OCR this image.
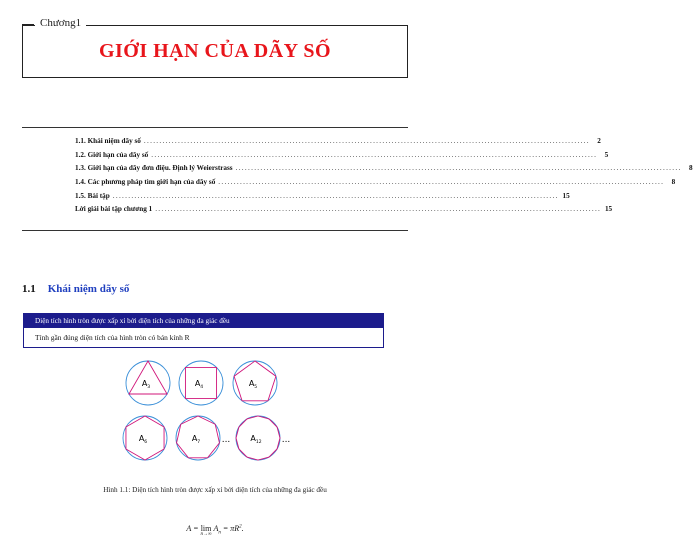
Chương1
GIỚI HẠN CỦA DÃY SỐ
1.1. Khái niệm dãy số ................................................................................................................................................	2
1.2. Giới hạn của dãy số ................................................................................................................................................	5
1.3. Giới hạn của dãy đơn điệu. Định lý Weierstrass ................................................................................................................................................	8
1.4. Các phương pháp tìm giới hạn của dãy số ................................................................................................................................................	8
1.5. Bài tập ................................................................................................................................................ 15
Lời giải bài tập chương 1 ................................................................................................................................................ 15
1.1 Khái niệm dãy số
Diện tích hình tròn được xấp xỉ bởi diện tích của những đa giác đều
Tính gần đúng diện tích của hình tròn có bán kính R
$A_3$	$A_4$	$A_5$
$A_6$	$A_7$	$A_{12}$
...	...
Hình 1.1: Diện tích hình tròn được xấp xỉ bởi diện tích của những đa giác đều
A = lim
$^{n\to\infty}$ $A_n = \pi R^2$.
